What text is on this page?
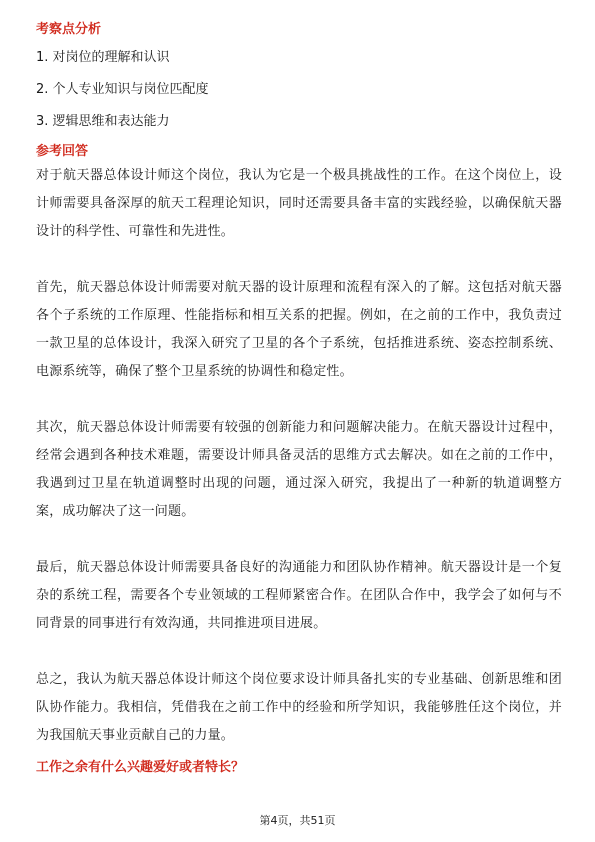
考察点分析
1. 对岗位的理解和认识
2. 个人专业知识与岗位匹配度
3. 逻辑思维和表达能力
参考回答

对于航天器总体设计师这个岗位，我认为它是一个极具挑战性的工作。在这个岗位上，设计师需要具备深厚的航天工程理论知识，同时还需要具备丰富的实践经验，以确保航天器设计的科学性、可靠性和先进性。

首先，航天器总体设计师需要对航天器的设计原理和流程有深入的了解。这包括对航天器各个子系统的工作原理、性能指标和相互关系的把握。例如，在之前的工作中，我负责过一款卫星的总体设计，我深入研究了卫星的各个子系统，包括推进系统、姿态控制系统、电源系统等，确保了整个卫星系统的协调性和稳定性。

其次，航天器总体设计师需要有较强的创新能力和问题解决能力。在航天器设计过程中，经常会遇到各种技术难题，需要设计师具备灵活的思维方式去解决。如在之前的工作中，我遇到过卫星在轨道调整时出现的问题，通过深入研究，我提出了一种新的轨道调整方案，成功解决了这一问题。

最后，航天器总体设计师需要具备良好的沟通能力和团队协作精神。航天器设计是一个复杂的系统工程，需要各个专业领域的工程师紧密合作。在团队合作中，我学会了如何与不同背景的同事进行有效沟通，共同推进项目进展。

总之，我认为航天器总体设计师这个岗位要求设计师具备扎实的专业基础、创新思维和团队协作能力。我相信，凭借我在之前工作中的经验和所学知识，我能够胜任这个岗位，并为我国航天事业贡献自己的力量。

工作之余有什么兴趣爱好或者特长？
第4页，共51页
